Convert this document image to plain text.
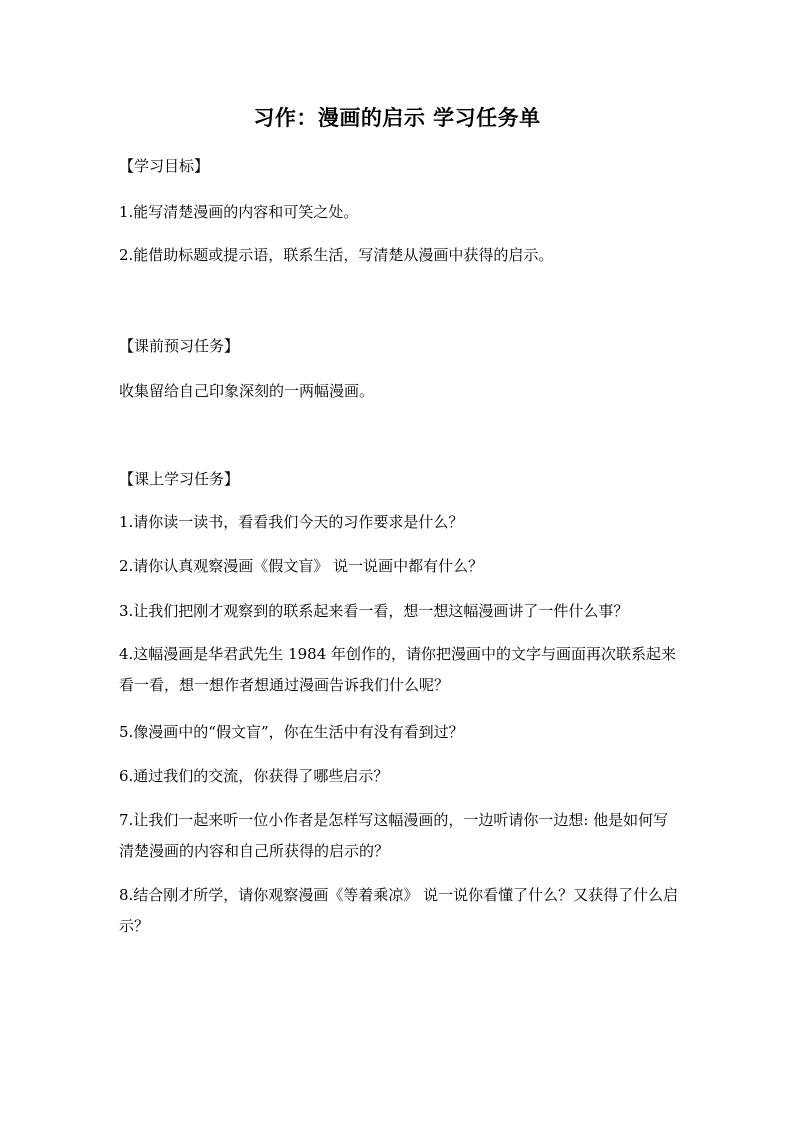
习作：漫画的启示 学习任务单
【学习目标】
1.能写清楚漫画的内容和可笑之处。
2.能借助标题或提示语，联系生活，写清楚从漫画中获得的启示。
【课前预习任务】
收集留给自己印象深刻的一两幅漫画。
【课上学习任务】
1.请你读一读书，看看我们今天的习作要求是什么？
2.请你认真观察漫画《假文盲》 说一说画中都有什么？
3.让我们把刚才观察到的联系起来看一看，想一想这幅漫画讲了一件什么事？
4.这幅漫画是华君武先生 1984 年创作的，请你把漫画中的文字与画面再次联系起来看一看，想一想作者想通过漫画告诉我们什么呢？
5.像漫画中的“假文盲”，你在生活中有没有看到过？
6.通过我们的交流，你获得了哪些启示？
7.让我们一起来听一位小作者是怎样写这幅漫画的，一边听请你一边想: 他是如何写清楚漫画的内容和自己所获得的启示的？
8.结合刚才所学，请你观察漫画《等着乘凉》 说一说你看懂了什么？又获得了什么启示？
